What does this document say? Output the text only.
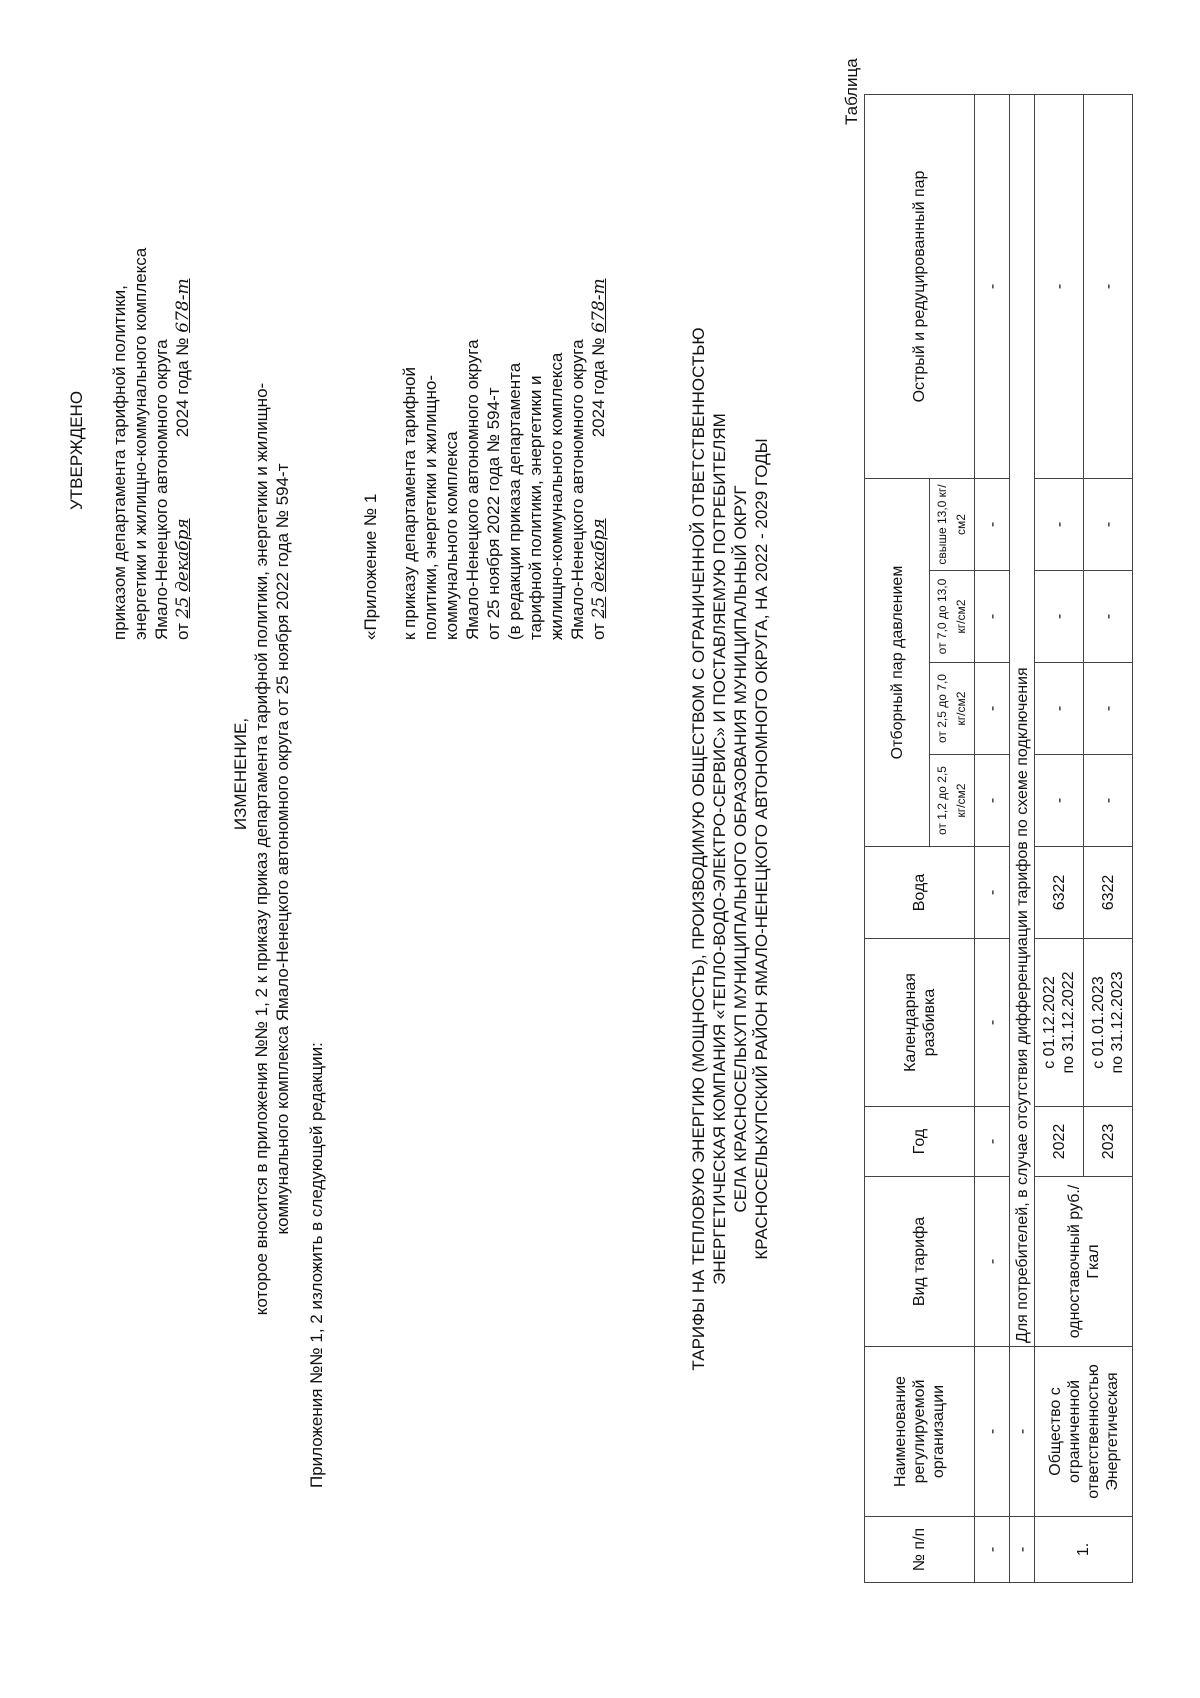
УТВЕРЖДЕНО приказом департамента тарифной политики, энергетики и жилищно-коммунального комплекса Ямало-Ненецкого автономного округа от 25 декабря 2024 года № 678-т
ИЗМЕНЕНИЕ, которое вносится в приложения №№ 1, 2 к приказу приказ департамента тарифной политики, энергетики и жилищно- коммунального комплекса Ямало-Ненецкого автономного округа от 25 ноября 2022 года № 594-т
Приложения №№ 1, 2 изложить в следующей редакции:
«Приложение № 1 к приказу департамента тарифной политики, энергетики и жилищно- коммунального комплекса Ямало-Ненецкого автономного округа от 25 ноября 2022 года № 594-т (в редакции приказа департамента тарифной политики, энергетики и жилищно-коммунального комплекса Ямало-Ненецкого автономного округа от 25 декабря 2024 года № 678-т
ТАРИФЫ НА ТЕПЛОВУЮ ЭНЕРГИЮ (МОЩНОСТЬ), ПРОИЗВОДИМУЮ ОБЩЕСТВОМ С ОГРАНИЧЕННОЙ ОТВЕТСТВЕННОСТЬЮ ЭНЕРГЕТИЧЕСКАЯ КОМПАНИЯ «ТЕПЛО-ВОДО-ЭЛЕКТРО-СЕРВИС» И ПОСТАВЛЯЕМУЮ ПОТРЕБИТЕЛЯМ СЕЛА КРАСНОСЕЛЬКУП МУНИЦИПАЛЬНОГО ОБРАЗОВАНИЯ МУНИЦИПАЛЬНЫЙ ОКРУГ КРАСНОСЕЛЬКУПСКИЙ РАЙОН ЯМАЛО-НЕНЕЦКОГО АВТОНОМНОГО ОКРУГА, НА 2022 - 2029 ГОДЫ
Таблица
№ п/п	Наименование регулируемой организации	Вид тарифа	Год	Календарная разбивка	Вода	Отборный пар давлением				Острый и редуцированный пар
						от 1,2 до 2,5 кг/см2	от 2,5 до 7,0 кг/см2	от 7,0 до 13,0 кг/см2	свыше 13,0 кг/см2	
-	-	-	-	-	-	-	-	-	-	-
-	-	Для потребителей, в случае отсутствия дифференциации тарифов по схеме подключения								
1.	Общество с ограниченной ответственностью Энергетическая	одноставочный руб./Гкал	2022	с 01.12.2022 по 31.12.2022	6322	-	-	-	-	-
			2023	с 01.01.2023 по 31.12.2023	6322	-	-	-	-	-
